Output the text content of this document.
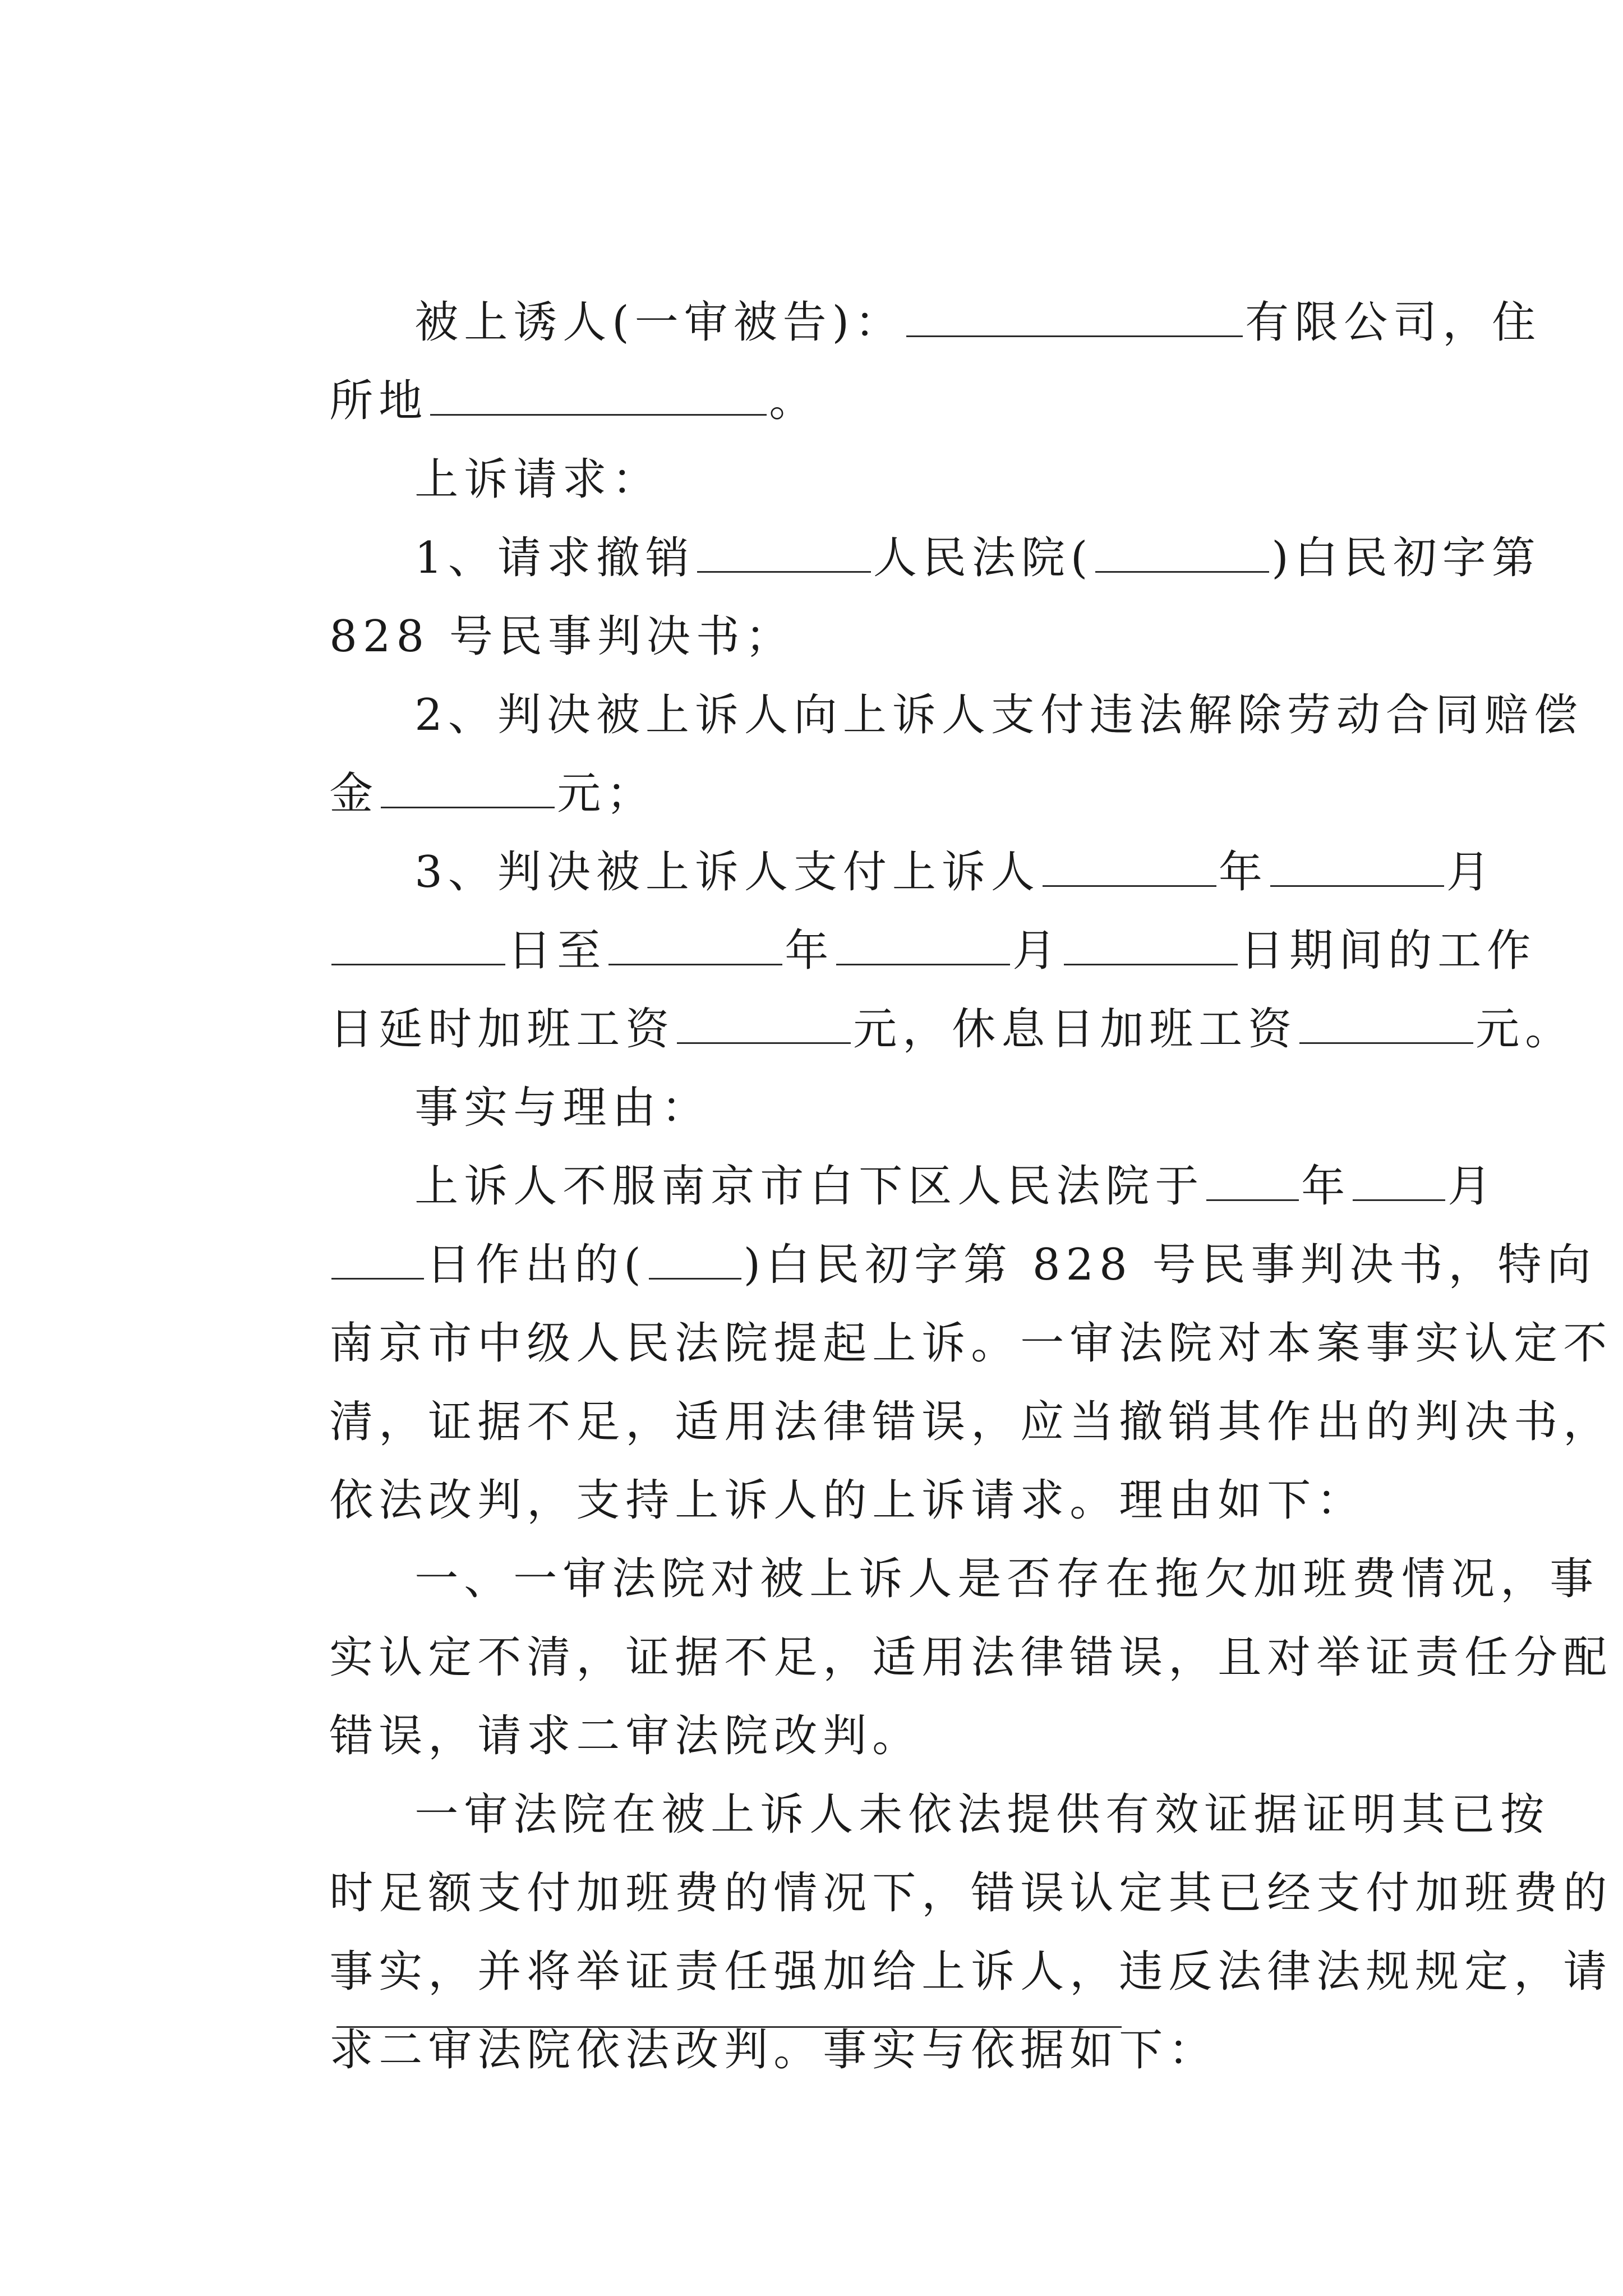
被上诱人(一审被告)：	有限公司，住

所地	。

上诉请求：

1、请求撤销	人民法院(	)白民初字第

828 号民事判决书；

2、判决被上诉人向上诉人支付违法解除劳动合同赔偿

金	元；

3、判决被上诉人支付上诉人	年	月

日至	年	月	日期间的工作

日延时加班工资	元，休息日加班工资	元。

事实与理由：

上诉人不服南京市白下区人民法院于 年 月

日作出的( )白民初字第 828 号民事判决书，特向

南京市中级人民法院提起上诉。一审法院对本案事实认定不

清，证据不足，适用法律错误，应当撤销其作出的判决书，

依法改判，支持上诉人的上诉请求。理由如下：

一、一审法院对被上诉人是否存在拖欠加班费情况，事

实认定不清，证据不足，适用法律错误，且对举证责任分配

错误，请求二审法院改判。

一审法院在被上诉人未依法提供有效证据证明其已按

时足额支付加班费的情况下，错误认定其已经支付加班费的

事实，并将举证责任强加给上诉人，违反法律法规规定，请

求二审法院依法改判。事实与依据如下：
